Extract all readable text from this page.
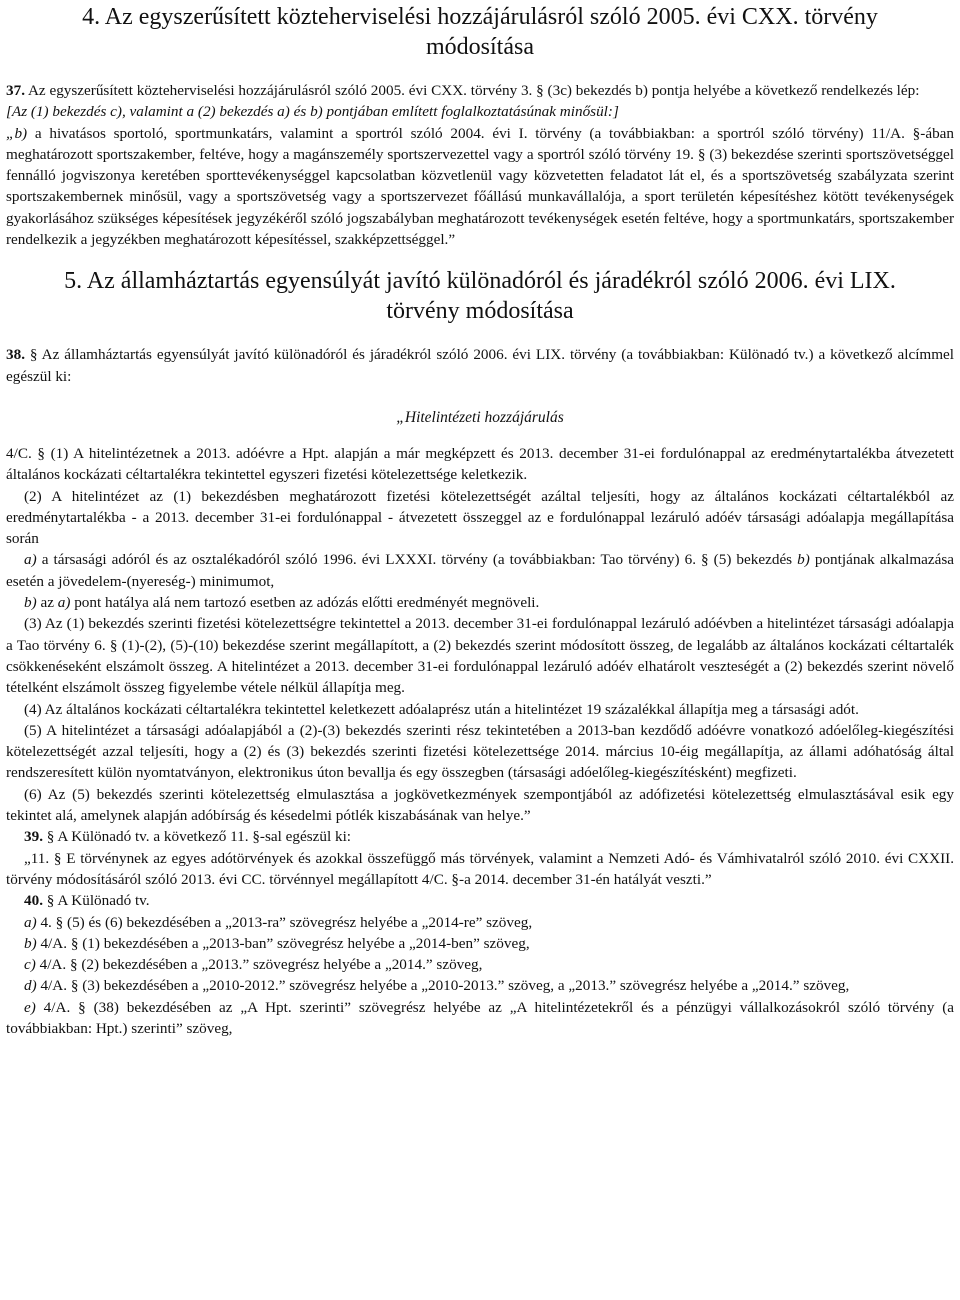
4. Az egyszerűsített közteherviselési hozzájárulásról szóló 2005. évi CXX. törvény
módosítása

37. Az egyszerűsített közteherviselési hozzájárulásról szóló 2005. évi CXX. törvény 3. § (3c) bekezdés b) pontja helyébe a következő rendelkezés lép:

[Az (1) bekezdés c), valamint a (2) bekezdés a) és b) pontjában említett foglalkoztatásúnak minősül:]

„b) a hivatásos sportoló, sportmunkatárs, valamint a sportról szóló 2004. évi I. törvény (a továbbiakban: a sportról szóló törvény) 11/A. §-ában meghatározott sportszakember, feltéve, hogy a magánszemély sportszervezettel vagy a sportról szóló törvény 19. § (3) bekezdése szerinti sportszövetséggel fennálló jogviszonya keretében sporttevékenységgel kapcsolatban közvetlenül vagy közvetetten feladatot lát el, és a sportszövetség szabályzata szerint sportszakembernek minősül, vagy a sportszövetség vagy a sportszervezet főállású munkavállalója, a sport területén képesítéshez kötött tevékenységek gyakorlásához szükséges képesítések jegyzékéről szóló jogszabályban meghatározott tevékenységek esetén feltéve, hogy a sportmunkatárs, sportszakember rendelkezik a jegyzékben meghatározott képesítéssel, szakképzettséggel.”

5. Az államháztartás egyensúlyát javító különadóról és járadékról szóló 2006. évi LIX.
törvény módosítása

38. § Az államháztartás egyensúlyát javító különadóról és járadékról szóló 2006. évi LIX. törvény (a továbbiakban: Különadó tv.) a következő alcímmel egészül ki:

„Hitelintézeti hozzájárulás

4/C. § (1) A hitelintézetnek a 2013. adóévre a Hpt. alapján a már megképzett és 2013. december 31-ei fordulónappal az eredménytartalékba átvezetett általános kockázati céltartalékra tekintettel egyszeri fizetési kötelezettsége keletkezik.

(2) A hitelintézet az (1) bekezdésben meghatározott fizetési kötelezettségét azáltal teljesíti, hogy az általános kockázati céltartalékból az eredménytartalékba - a 2013. december 31-ei fordulónappal - átvezetett összeggel az e fordulónappal lezáruló adóév társasági adóalapja megállapítása során

a) a társasági adóról és az osztalékadóról szóló 1996. évi LXXXI. törvény (a továbbiakban: Tao törvény) 6. § (5) bekezdés b) pontjának alkalmazása esetén a jövedelem-(nyereség-) minimumot,

b) az a) pont hatálya alá nem tartozó esetben az adózás előtti eredményét megnöveli.

(3) Az (1) bekezdés szerinti fizetési kötelezettségre tekintettel a 2013. december 31-ei fordulónappal lezáruló adóévben a hitelintézet társasági adóalapja a Tao törvény 6. § (1)-(2), (5)-(10) bekezdése szerint megállapított, a (2) bekezdés szerint módosított összeg, de legalább az általános kockázati céltartalék csökkenéseként elszámolt összeg. A hitelintézet a 2013. december 31-ei fordulónappal lezáruló adóév elhatárolt veszteségét a (2) bekezdés szerint növelő tételként elszámolt összeg figyelembe vétele nélkül állapítja meg.

(4) Az általános kockázati céltartalékra tekintettel keletkezett adóalaprész után a hitelintézet 19 százalékkal állapítja meg a társasági adót.

(5) A hitelintézet a társasági adóalapjából a (2)-(3) bekezdés szerinti rész tekintetében a 2013-ban kezdődő adóévre vonatkozó adóelőleg-kiegészítési kötelezettségét azzal teljesíti, hogy a (2) és (3) bekezdés szerinti fizetési kötelezettsége 2014. március 10-éig megállapítja, az állami adóhatóság által rendszeresített külön nyomtatványon, elektronikus úton bevallja és egy összegben (társasági adóelőleg-kiegészítésként) megfizeti.

(6) Az (5) bekezdés szerinti kötelezettség elmulasztása a jogkövetkezmények szempontjából az adófizetési kötelezettség elmulasztásával esik egy tekintet alá, amelynek alapján adóbírság és késedelmi pótlék kiszabásának van helye.”

39. § A Különadó tv. a következő 11. §-sal egészül ki:

„11. § E törvénynek az egyes adótörvények és azokkal összefüggő más törvények, valamint a Nemzeti Adó- és Vámhivatalról szóló 2010. évi CXXII. törvény módosításáról szóló 2013. évi CC. törvénnyel megállapított 4/C. §-a 2014. december 31-én hatályát veszti.”

40. § A Különadó tv.

a) 4. § (5) és (6) bekezdésében a „2013-ra” szövegrész helyébe a „2014-re” szöveg,

b) 4/A. § (1) bekezdésében a „2013-ban” szövegrész helyébe a „2014-ben” szöveg,

c) 4/A. § (2) bekezdésében a „2013.” szövegrész helyébe a „2014.” szöveg,

d) 4/A. § (3) bekezdésében a „2010-2012.” szövegrész helyébe a „2010-2013.” szöveg, a „2013.” szövegrész helyébe a „2014.” szöveg,

e) 4/A. § (38) bekezdésében az „A Hpt. szerinti” szövegrész helyébe az „A hitelintézetekről és a pénzügyi vállalkozásokról szóló törvény (a továbbiakban: Hpt.) szerinti” szöveg,
